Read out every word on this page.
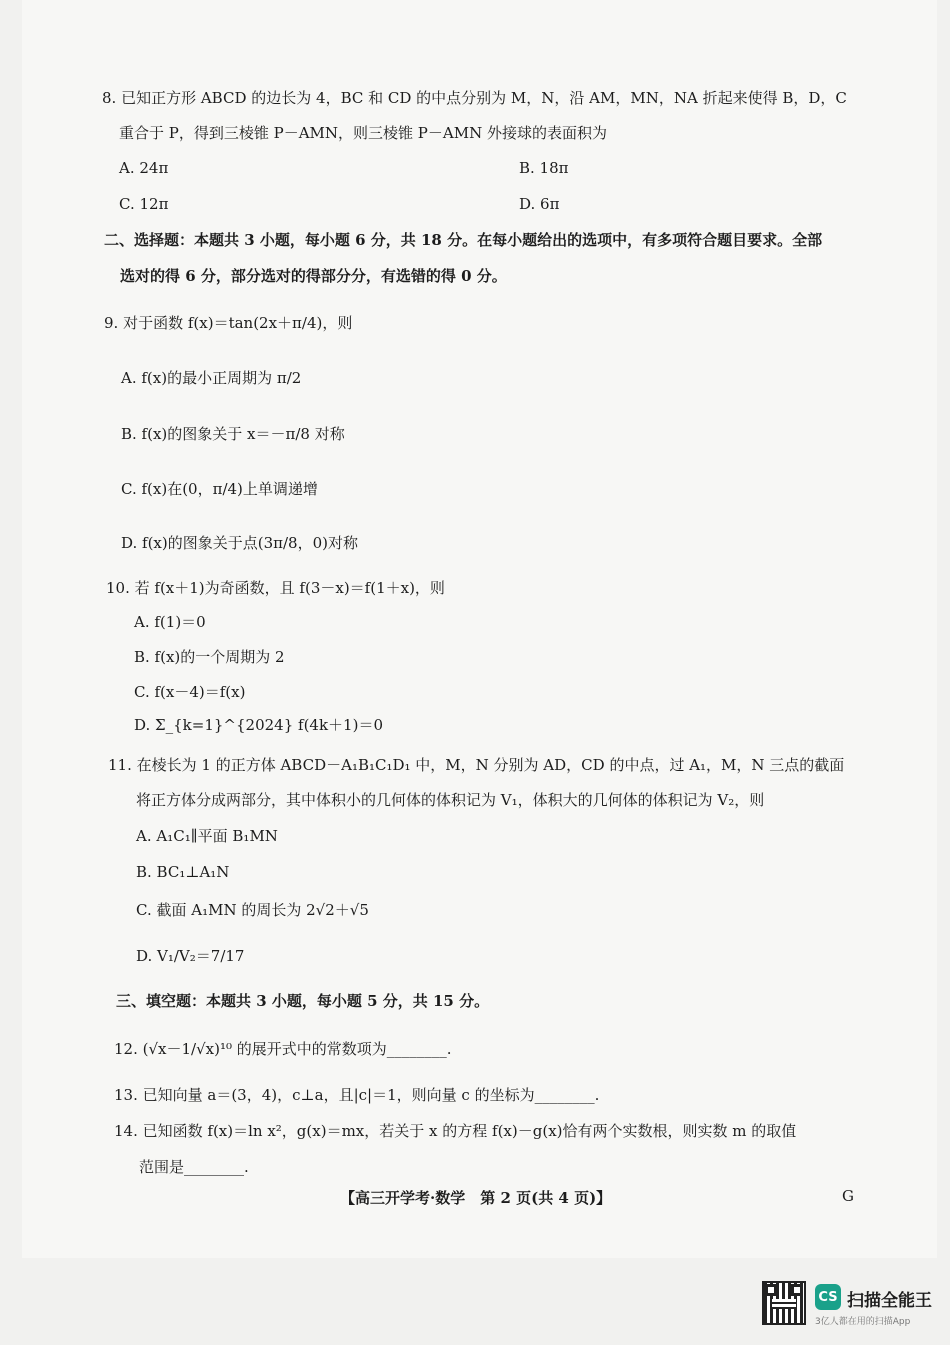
8. 已知正方形 ABCD 的边长为 4，BC 和 CD 的中点分别为 M，N，沿 AM，MN，NA 折起来使得 B，D，C
重合于 P，得到三棱锥 P－AMN，则三棱锥 P－AMN 外接球的表面积为
A. 24π	B. 18π
C. 12π	D. 6π
二、选择题：本题共 3 小题，每小题 6 分，共 18 分。在每小题给出的选项中，有多项符合题目要求。全部
选对的得 6 分，部分选对的得部分分，有选错的得 0 分。
9. 对于函数 f(x)＝tan(2x＋π/4)，则
A. f(x)的最小正周期为 π/2
B. f(x)的图象关于 x＝－π/8 对称
C. f(x)在(0，π/4)上单调递增
D. f(x)的图象关于点(3π/8，0)对称
10. 若 f(x＋1)为奇函数，且 f(3－x)＝f(1＋x)，则
A. f(1)＝0
B. f(x)的一个周期为 2
C. f(x－4)＝f(x)
D. Σ_{k=1}^{2024} f(4k＋1)＝0
11. 在棱长为 1 的正方体 ABCD－A₁B₁C₁D₁ 中，M，N 分别为 AD，CD 的中点，过 A₁，M，N 三点的截面
将正方体分成两部分，其中体积小的几何体的体积记为 V₁，体积大的几何体的体积记为 V₂，则
A. A₁C₁∥平面 B₁MN
B. BC₁⊥A₁N
C. 截面 A₁MN 的周长为 2√2＋√5
D. V₁/V₂＝7/17
三、填空题：本题共 3 小题，每小题 5 分，共 15 分。
12. (√x－1/√x)¹⁰ 的展开式中的常数项为________.
13. 已知向量 a＝(3，4)，c⊥a，且|c|＝1，则向量 c 的坐标为________.
14. 已知函数 f(x)＝ln x²，g(x)＝mx，若关于 x 的方程 f(x)－g(x)恰有两个实数根，则实数 m 的取值
范围是________.
【高三开学考·数学　第 2 页(共 4 页)】	G
CS 扫描全能王
3亿人都在用的扫描App
